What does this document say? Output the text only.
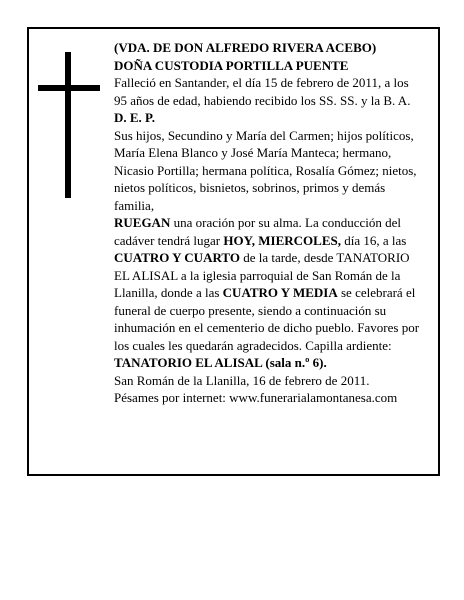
(VDA. DE DON ALFREDO RIVERA ACEBO)

DOÑA CUSTODIA PORTILLA PUENTE

Falleció en Santander, el día 15 de febrero de 2011, a los 95 años de edad, habiendo recibido los SS. SS. y la B. A.

D. E. P.

Sus hijos, Secundino y María del Carmen; hijos políticos, María Elena Blanco y José María Manteca; hermano, Nicasio Portilla; hermana política, Rosalía Gómez; nietos, nietos políticos, bisnietos, sobrinos, primos y demás familia,

RUEGAN una oración por su alma. La conducción del cadáver tendrá lugar HOY, MIERCOLES, día 16, a las CUATRO Y CUARTO de la tarde, desde TANATORIO EL ALISAL a la iglesia parroquial de San Román de la Llanilla, donde a las CUATRO Y MEDIA se celebrará el funeral de cuerpo presente, siendo a continuación su inhumación en el cementerio de dicho pueblo. Favores por los cuales les quedarán agradecidos. Capilla ardiente: TANATORIO EL ALISAL (sala n.º 6).

San Román de la Llanilla, 16 de febrero de 2011.

Pésames por internet: www.funerarialamontanesa.com
